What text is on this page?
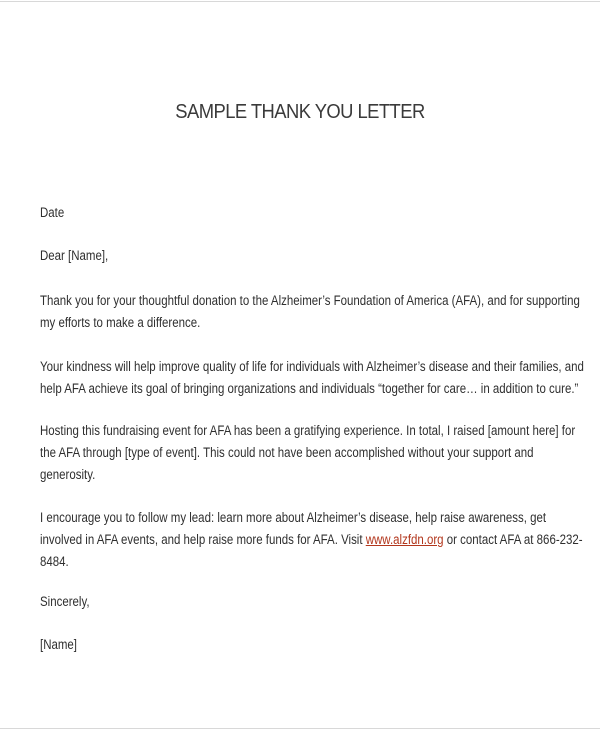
SAMPLE THANK YOU LETTER
Date
Dear [Name],
Thank you for your thoughtful donation to the Alzheimer’s Foundation of America (AFA), and for supporting
my efforts to make a difference.
Your kindness will help improve quality of life for individuals with Alzheimer’s disease and their families, and
help AFA achieve its goal of bringing organizations and individuals “together for care… in addition to cure.”
Hosting this fundraising event for AFA has been a gratifying experience. In total, I raised [amount here] for
the AFA through [type of event]. This could not have been accomplished without your support and
generosity.
I encourage you to follow my lead: learn more about Alzheimer’s disease, help raise awareness, get
involved in AFA events, and help raise more funds for AFA. Visit www.alzfdn.org or contact AFA at 866-232-
8484.
Sincerely,
[Name]
